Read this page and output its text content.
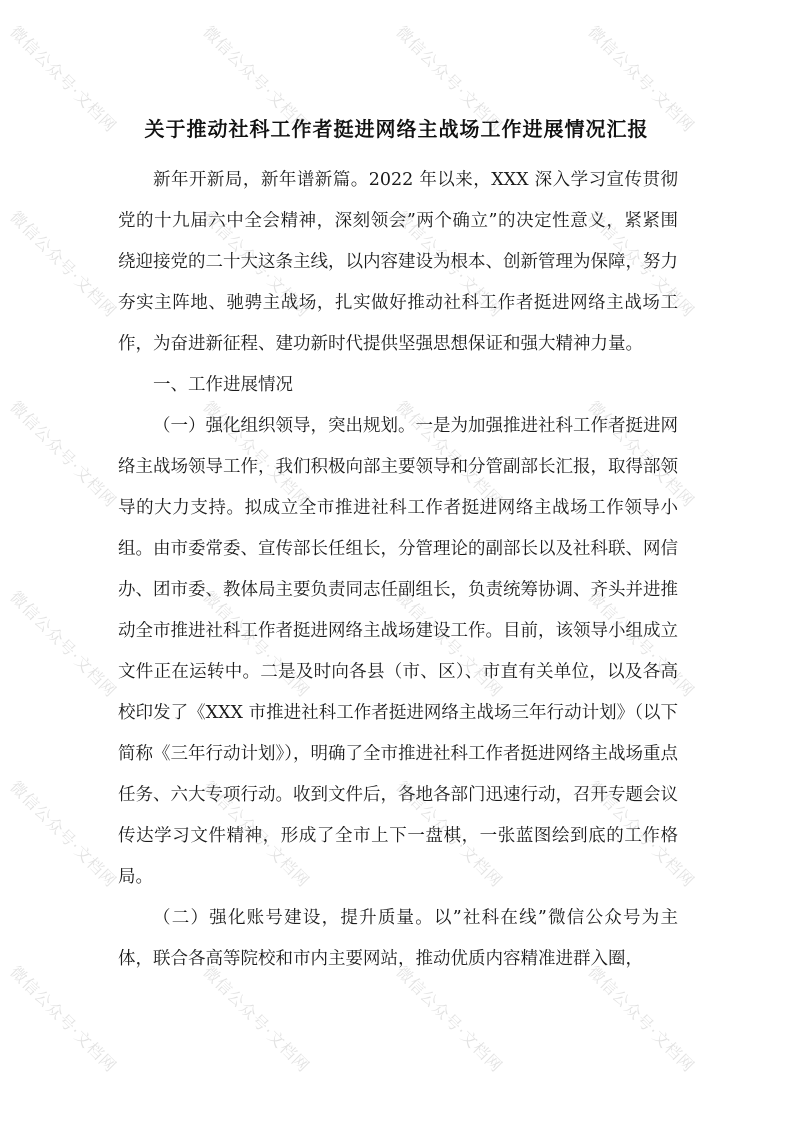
关于推动社科工作者挺进网络主战场工作进展情况汇报

新年开新局，新年谱新篇。2022 年以来，XXX 深入学习宣传贯彻党的十九届六中全会精神，深刻领会”两个确立”的决定性意义，紧紧围绕迎接党的二十大这条主线，以内容建设为根本、创新管理为保障，努力夯实主阵地、驰骋主战场，扎实做好推动社科工作者挺进网络主战场工作，为奋进新征程、建功新时代提供坚强思想保证和强大精神力量。

一、工作进展情况

（一）强化组织领导，突出规划。一是为加强推进社科工作者挺进网络主战场领导工作，我们积极向部主要领导和分管副部长汇报，取得部领导的大力支持。拟成立全市推进社科工作者挺进网络主战场工作领导小组。由市委常委、宣传部长任组长，分管理论的副部长以及社科联、网信办、团市委、教体局主要负责同志任副组长，负责统筹协调、齐头并进推动全市推进社科工作者挺进网络主战场建设工作。目前，该领导小组成立文件正在运转中。二是及时向各县（市、区）、市直有关单位，以及各高校印发了《XXX 市推进社科工作者挺进网络主战场三年行动计划》（以下简称《三年行动计划》），明确了全市推进社科工作者挺进网络主战场重点任务、六大专项行动。收到文件后，各地各部门迅速行动，召开专题会议传达学习文件精神，形成了全市上下一盘棋，一张蓝图绘到底的工作格局。

（二）强化账号建设，提升质量。以”社科在线”微信公众号为主体，联合各高等院校和市内主要网站，推动优质内容精准进群入圈，

微信公众号·文档网	微信公众号·文档网	微信公众号·文档网	微信公众号·文档网
微信公众号·文档网	微信公众号·文档网	微信公众号·文档网	微信公众号·文档网
微信公众号·文档网	微信公众号·文档网	微信公众号·文档网	微信公众号·文档网
微信公众号·文档网	微信公众号·文档网	微信公众号·文档网	微信公众号·文档网
微信公众号·文档网	微信公众号·文档网	微信公众号·文档网	微信公众号·文档网
微信公众号·文档网	微信公众号·文档网	微信公众号·文档网	微信公众号·文档网
